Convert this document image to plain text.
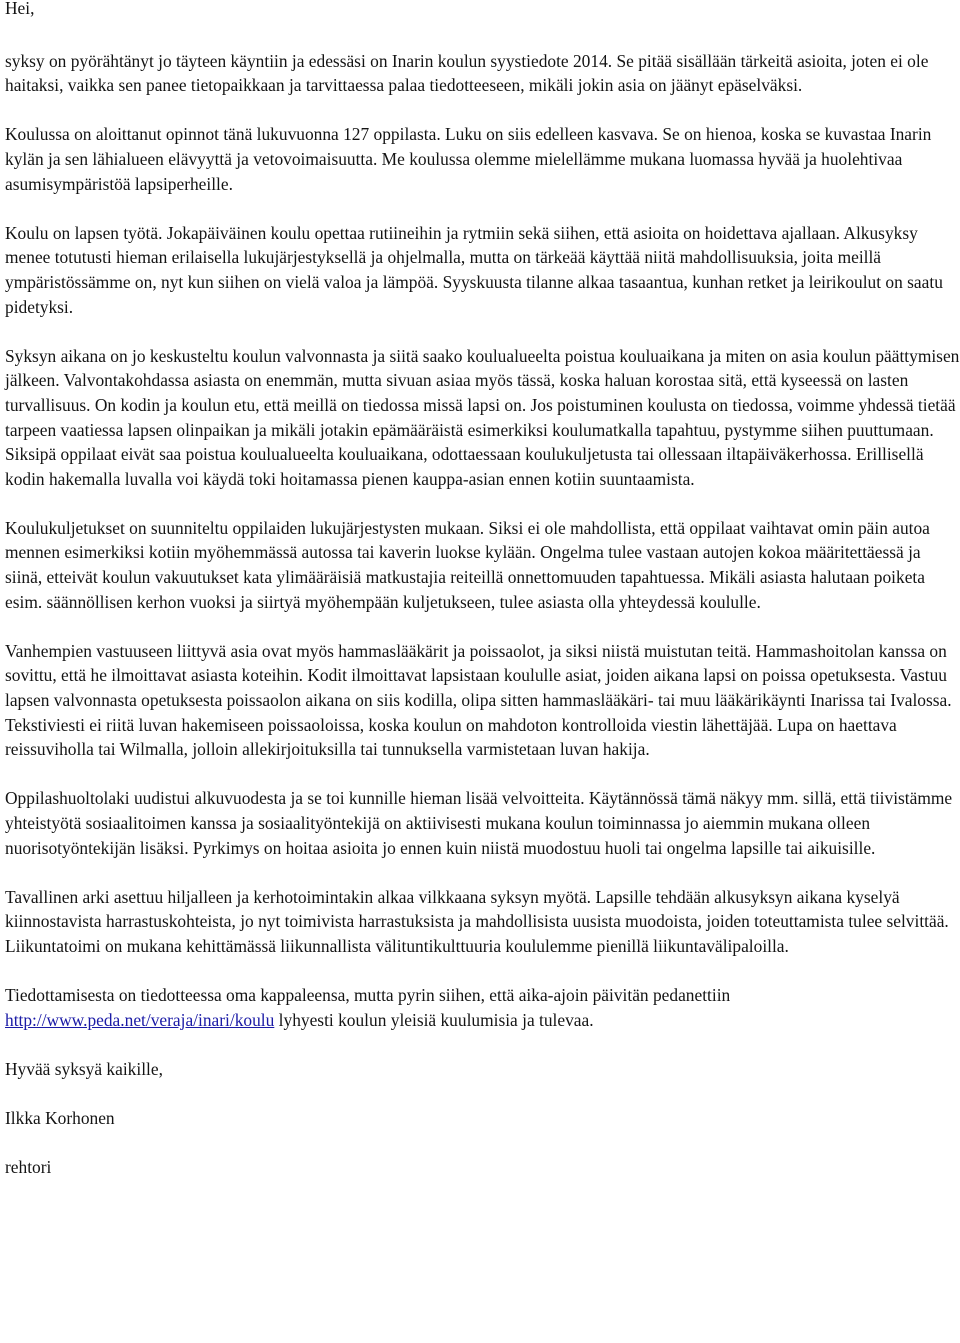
Hei,

syksy on pyörähtänyt jo täyteen käyntiin ja edessäsi on Inarin koulun syystiedote 2014. Se pitää sisällään tärkeitä asioita, joten ei ole haitaksi, vaikka sen panee tietopaikkaan ja tarvittaessa palaa tiedotteeseen, mikäli jokin asia on jäänyt epäselväksi.

Koulussa on aloittanut opinnot tänä lukuvuonna 127 oppilasta. Luku on siis edelleen kasvava. Se on hienoa, koska se kuvastaa Inarin kylän ja sen lähialueen elävyyttä ja vetovoimaisuutta. Me koulussa olemme mielellämme mukana luomassa hyvää ja huolehtivaa asumisympäristöä lapsiperheille.

Koulu on lapsen työtä. Jokapäiväinen koulu opettaa rutiineihin ja rytmiin sekä siihen, että asioita on hoidettava ajallaan. Alkusyksy menee totutusti hieman erilaisella lukujärjestyksellä ja ohjelmalla, mutta on tärkeää käyttää niitä mahdollisuuksia, joita meillä ympäristössämme on, nyt kun siihen on vielä valoa ja lämpöä. Syyskuusta tilanne alkaa tasaantua, kunhan retket ja leirikoulut on saatu pidetyksi.

Syksyn aikana on jo keskusteltu koulun valvonnasta ja siitä saako koulualueelta poistua kouluaikana ja miten on asia koulun päättymisen jälkeen. Valvontakohdassa asiasta on enemmän, mutta sivuan asiaa myös tässä, koska haluan korostaa sitä, että kyseessä on lasten turvallisuus. On kodin ja koulun etu, että meillä on tiedossa missä lapsi on. Jos poistuminen koulusta on tiedossa, voimme yhdessä tietää tarpeen vaatiessa lapsen olinpaikan ja mikäli jotakin epämääräistä esimerkiksi koulumatkalla tapahtuu, pystymme siihen puuttumaan. Siksipä oppilaat eivät saa poistua koulualueelta kouluaikana, odottaessaan koulukuljetusta tai ollessaan iltapäiväkerhossa. Erillisellä kodin hakemalla luvalla voi käydä toki hoitamassa pienen kauppa-asian ennen kotiin suuntaamista.

Koulukuljetukset on suunniteltu oppilaiden lukujärjestysten mukaan. Siksi ei ole mahdollista, että oppilaat vaihtavat omin päin autoa mennen esimerkiksi kotiin myöhemmässä autossa tai kaverin luokse kylään. Ongelma tulee vastaan autojen kokoa määritettäessä ja siinä, etteivät koulun vakuutukset kata ylimääräisiä matkustajia reiteillä onnettomuuden tapahtuessa. Mikäli asiasta halutaan poiketa esim. säännöllisen kerhon vuoksi ja siirtyä myöhempään kuljetukseen, tulee asiasta olla yhteydessä koululle.

Vanhempien vastuuseen liittyvä asia ovat myös hammaslääkärit ja poissaolot, ja siksi niistä muistutan teitä. Hammashoitolan kanssa on sovittu, että he ilmoittavat asiasta koteihin. Kodit ilmoittavat lapsistaan koululle asiat, joiden aikana lapsi on poissa opetuksesta. Vastuu lapsen valvonnasta opetuksesta poissaolon aikana on siis kodilla, olipa sitten hammaslääkäri- tai muu lääkärikäynti Inarissa tai Ivalossa. Tekstiviesti ei riitä luvan hakemiseen poissaoloissa, koska koulun on mahdoton kontrolloida viestin lähettäjää. Lupa on haettava reissuviholla tai Wilmalla, jolloin allekirjoituksilla tai tunnuksella varmistetaan luvan hakija.

Oppilashuoltolaki uudistui alkuvuodesta ja se toi kunnille hieman lisää velvoitteita. Käytännössä tämä näkyy mm. sillä, että tiivistämme yhteistyötä sosiaalitoimen kanssa ja sosiaalityöntekijä on aktiivisesti mukana koulun toiminnassa jo aiemmin mukana olleen nuorisotyöntekijän lisäksi. Pyrkimys on hoitaa asioita jo ennen kuin niistä muodostuu huoli tai ongelma lapsille tai aikuisille.

Tavallinen arki asettuu hiljalleen ja kerhotoimintakin alkaa vilkkaana syksyn myötä. Lapsille tehdään alkusyksyn aikana kyselyä kiinnostavista harrastuskohteista, jo nyt toimivista harrastuksista ja mahdollisista uusista muodoista, joiden toteuttamista tulee selvittää. Liikuntatoimi on mukana kehittämässä liikunnallista välituntikulttuuria koululemme pienillä liikuntavälipaloilla.

Tiedottamisesta on tiedotteessa oma kappaleensa, mutta pyrin siihen, että aika-ajoin päivitän pedanettiin http://www.peda.net/veraja/inari/koulu lyhyesti koulun yleisiä kuulumisia ja tulevaa.

Hyvää syksyä kaikille,

Ilkka Korhonen

rehtori
